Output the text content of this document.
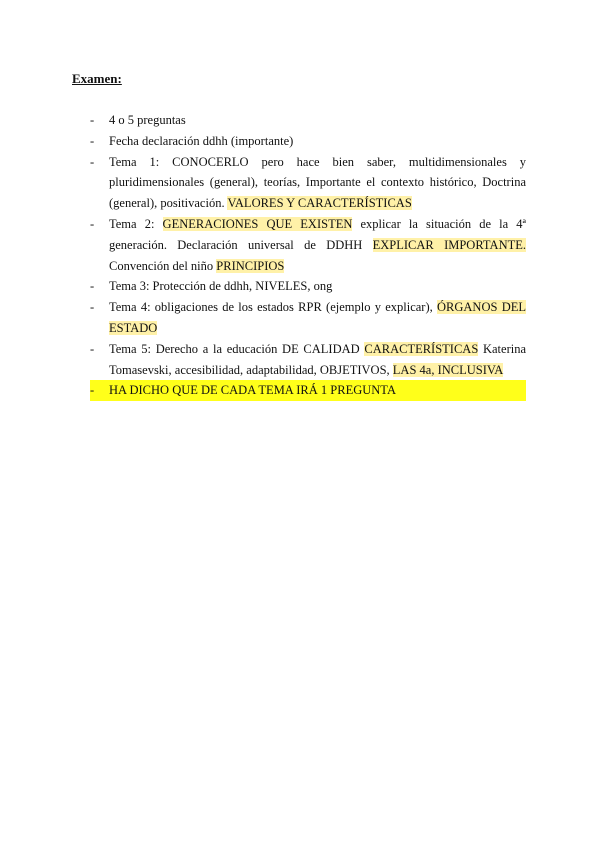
Examen:
- 4 o 5 preguntas
- Fecha declaración ddhh (importante)
- Tema 1: CONOCERLO pero hace bien saber, multidimensionales y pluridimensionales (general), teorías, Importante el contexto histórico, Doctrina (general), positivación. VALORES Y CARACTERÍSTICAS
- Tema 2: GENERACIONES QUE EXISTEN explicar la situación de la 4ª generación. Declaración universal de DDHH EXPLICAR IMPORTANTE. Convención del niño PRINCIPIOS
- Tema 3: Protección de ddhh, NIVELES, ong
- Tema 4: obligaciones de los estados RPR (ejemplo y explicar), ÓRGANOS DEL ESTADO
- Tema 5: Derecho a la educación DE CALIDAD CARACTERÍSTICAS Katerina Tomasevski, accesibilidad, adaptabilidad, OBJETIVOS, LAS 4a, INCLUSIVA
- HA DICHO QUE DE CADA TEMA IRÁ 1 PREGUNTA
